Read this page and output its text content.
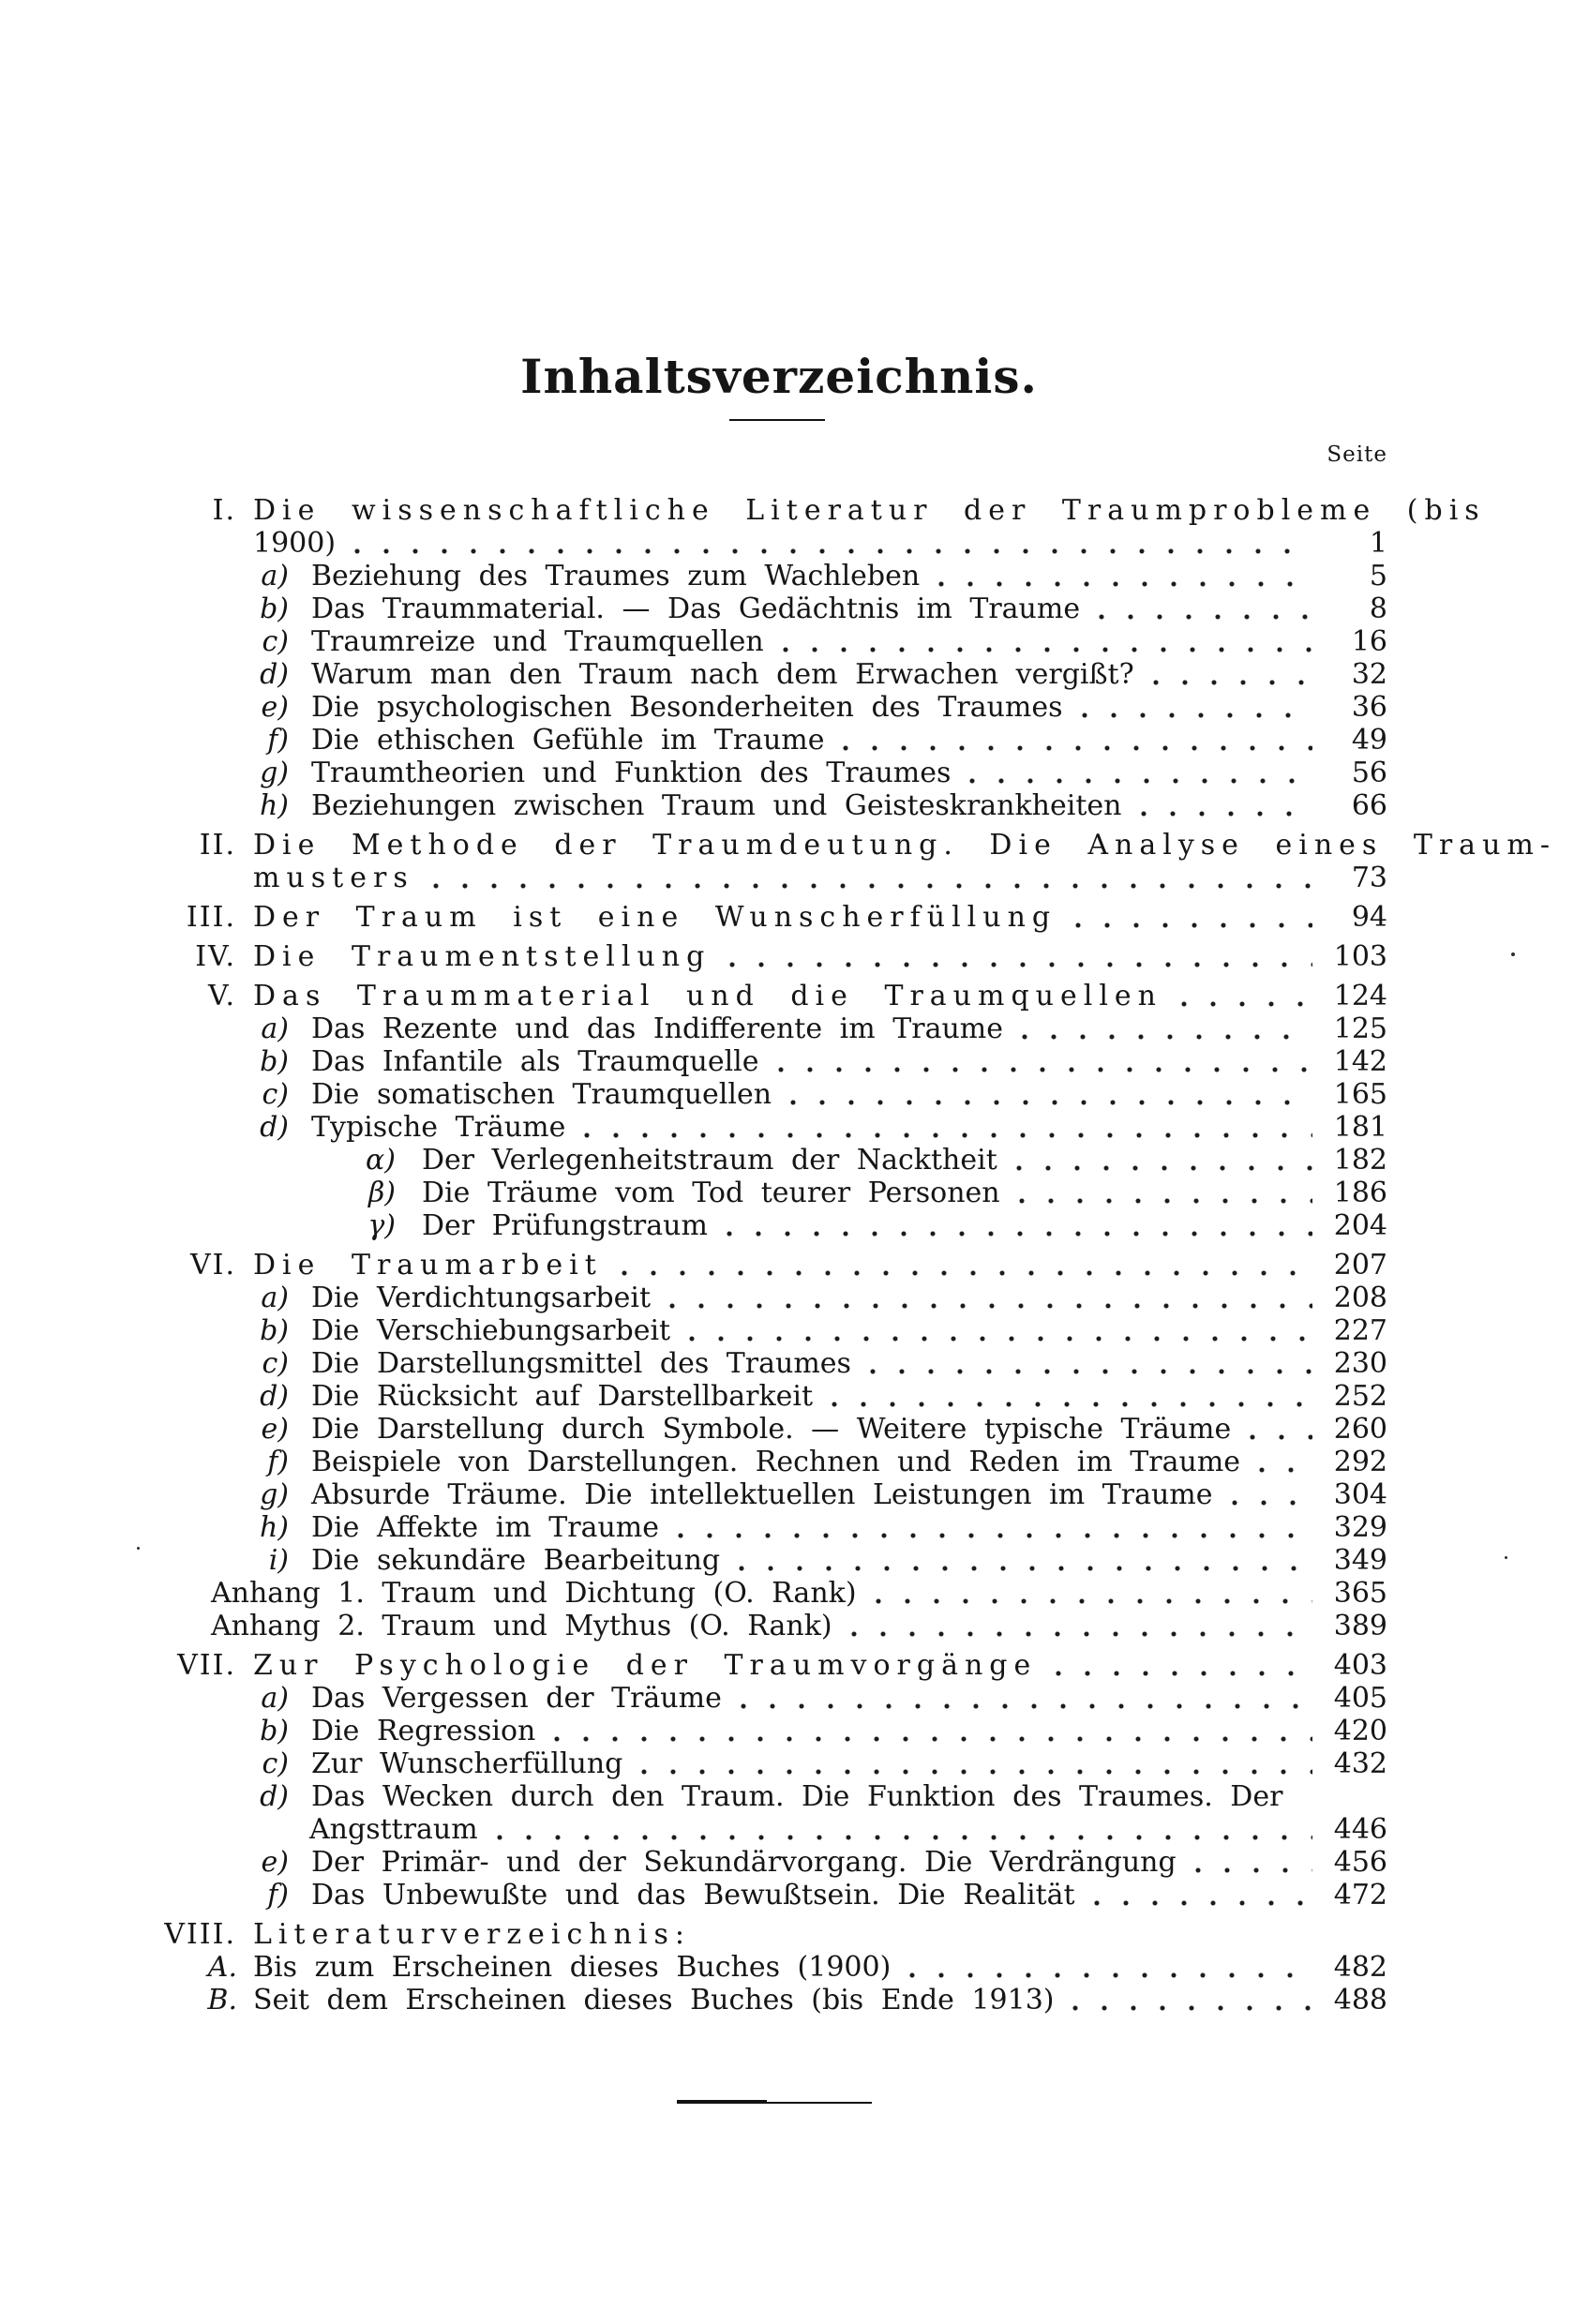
Inhaltsverzeichnis.
Seite
I. Die wissenschaftliche Literatur der Traumprobleme (bis
1900)	1
a) Beziehung des Traumes zum Wachleben	5
b) Das Traummaterial. — Das Gedächtnis im Traume	8
c) Traumreize und Traumquellen	16
d) Warum man den Traum nach dem Erwachen vergißt?	32
e) Die psychologischen Besonderheiten des Traumes	36
f) Die ethischen Gefühle im Traume	49
g) Traumtheorien und Funktion des Traumes	56
h) Beziehungen zwischen Traum und Geisteskrankheiten	66
II. Die Methode der Traumdeutung. Die Analyse eines Traum-
musters	73
III. Der Traum ist eine Wunscherfüllung	94
IV. Die Traumentstellung	103
V. Das Traummaterial und die Traumquellen	124
a) Das Rezente und das Indifferente im Traume	125
b) Das Infantile als Traumquelle	142
c) Die somatischen Traumquellen	165
d) Typische Träume	181
α) Der Verlegenheitstraum der Nacktheit	182
β) Die Träume vom Tod teurer Personen	186
γ) Der Prüfungstraum	204
VI. Die Traumarbeit	207
a) Die Verdichtungsarbeit	208
b) Die Verschiebungsarbeit	227
c) Die Darstellungsmittel des Traumes	230
d) Die Rücksicht auf Darstellbarkeit	252
e) Die Darstellung durch Symbole. — Weitere typische Träume	260
f) Beispiele von Darstellungen. Rechnen und Reden im Traume	292
g) Absurde Träume. Die intellektuellen Leistungen im Traume	304
h) Die Affekte im Traume	329
i) Die sekundäre Bearbeitung	349
Anhang 1. Traum und Dichtung (O. Rank)	365
Anhang 2. Traum und Mythus (O. Rank)	389
VII. Zur Psychologie der Traumvorgänge	403
a) Das Vergessen der Träume	405
b) Die Regression	420
c) Zur Wunscherfüllung	432
d) Das Wecken durch den Traum. Die Funktion des Traumes. Der
Angsttraum	446
e) Der Primär- und der Sekundärvorgang. Die Verdrängung	456
f) Das Unbewußte und das Bewußtsein. Die Realität	472
VIII. Literaturverzeichnis:
A. Bis zum Erscheinen dieses Buches (1900)	482
B. Seit dem Erscheinen dieses Buches (bis Ende 1913)	488
